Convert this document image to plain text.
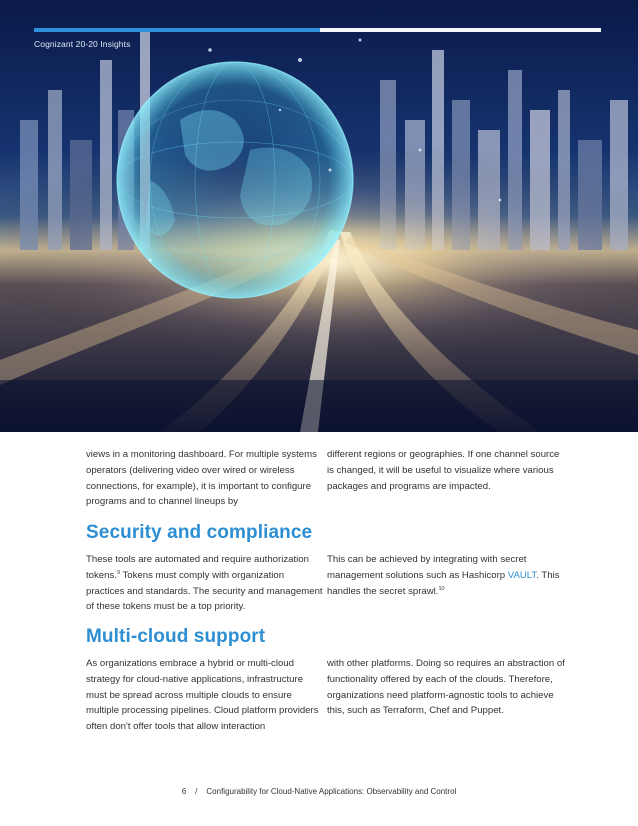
Cognizant 20-20 Insights

views in a monitoring dashboard. For multiple systems operators (delivering video over wired or wireless connections, for example), it is important to configure programs and to channel lineups by

different regions or geographies. If one channel source is changed, it will be useful to visualize where various packages and programs are impacted.

Security and compliance

These tools are automated and require authorization tokens.$^9$ Tokens must comply with organization practices and standards. The security and management of these tokens must be a top priority.

This can be achieved by integrating with secret management solutions such as Hashicorp VAULT. This handles the secret sprawl.$^{10}$

Multi-cloud support

As organizations embrace a hybrid or multi-cloud strategy for cloud-native applications, infrastructure must be spread across multiple clouds to ensure multiple processing pipelines. Cloud platform providers often don't offer tools that allow interaction

with other platforms. Doing so requires an abstraction of functionality offered by each of the clouds. Therefore, organizations need platform-agnostic tools to achieve this, such as Terraform, Chef and Puppet.

6 / Configurability for Cloud-Native Applications: Observability and Control
